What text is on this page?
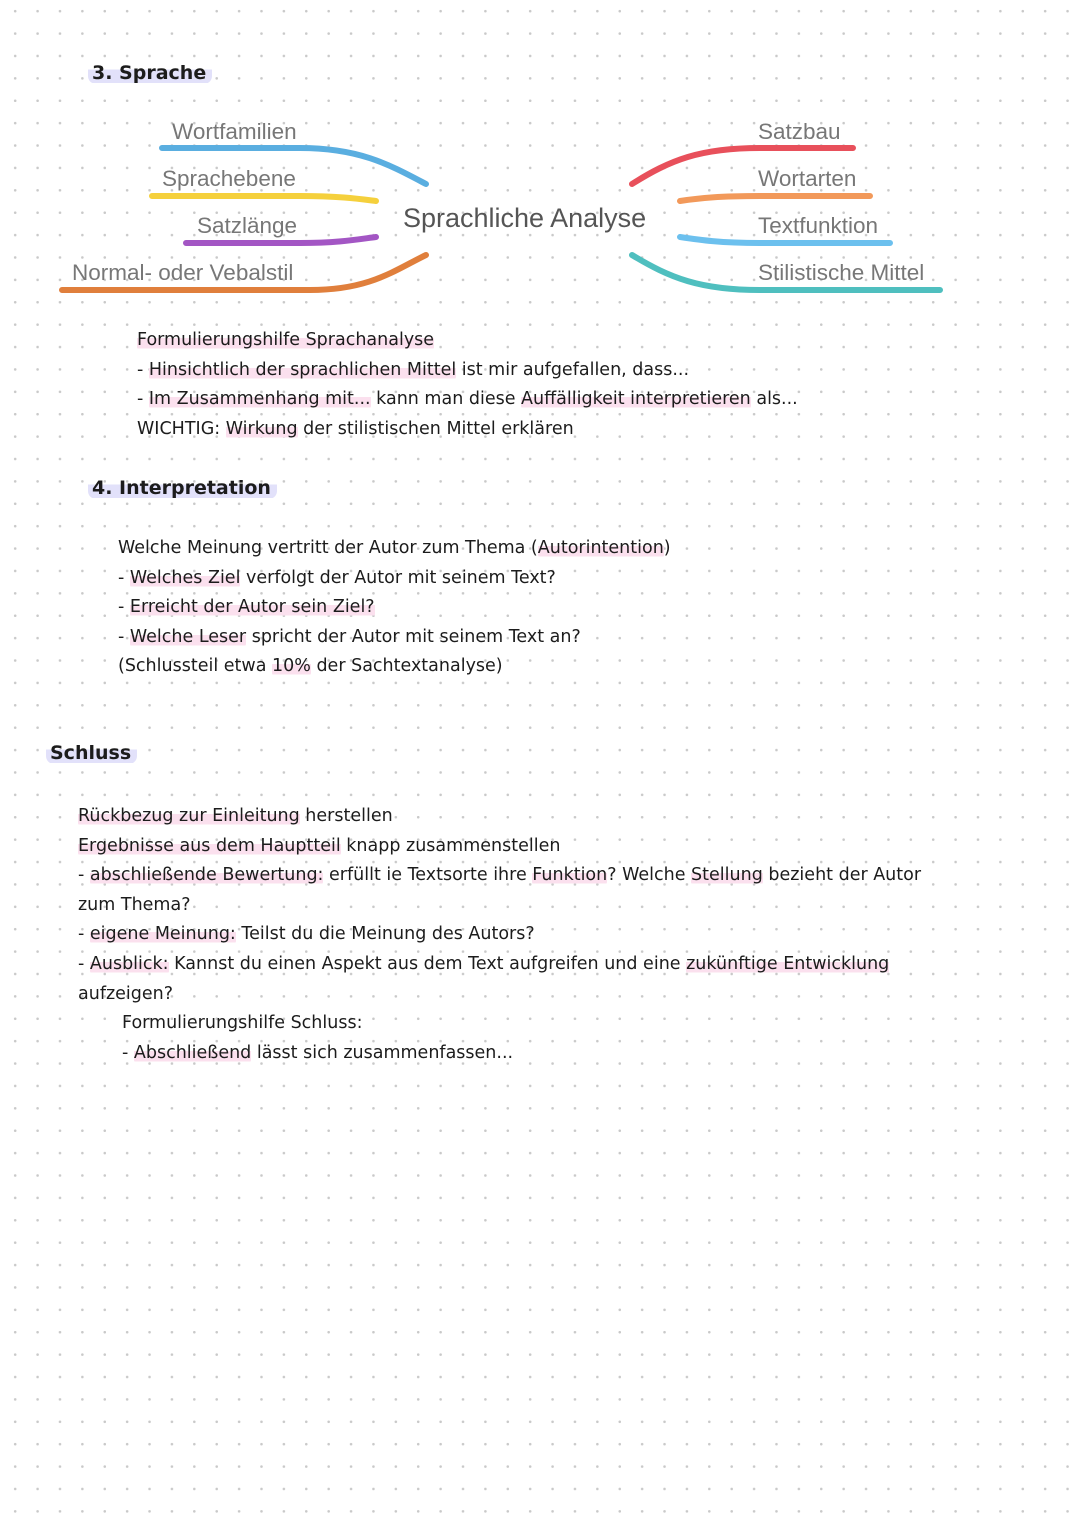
3. Sprache
Sprachliche Analyse
Wortfamilien
Sprachebene
Satzlänge
Normal- oder Vebalstil
Satzbau
Wortarten
Textfunktion
Stilistische Mittel
Formulierungshilfe Sprachanalyse
- Hinsichtlich der sprachlichen Mittel ist mir aufgefallen, dass...
- Im Zusammenhang mit... kann man diese Auffälligkeit interpretieren als...
WICHTIG: Wirkung der stilistischen Mittel erklären
4. Interpretation
Welche Meinung vertritt der Autor zum Thema (Autorintention)
- Welches Ziel verfolgt der Autor mit seinem Text?
- Erreicht der Autor sein Ziel?
- Welche Leser spricht der Autor mit seinem Text an?
(Schlussteil etwa 10% der Sachtextanalyse)
Schluss
Rückbezug zur Einleitung herstellen
Ergebnisse aus dem Hauptteil knapp zusammenstellen
- abschließende Bewertung: erfüllt ie Textsorte ihre Funktion? Welche Stellung bezieht der Autor
zum Thema?
- eigene Meinung: Teilst du die Meinung des Autors?
- Ausblick: Kannst du einen Aspekt aus dem Text aufgreifen und eine zukünftige Entwicklung
aufzeigen?
Formulierungshilfe Schluss:
- Abschließend lässt sich zusammenfassen...
